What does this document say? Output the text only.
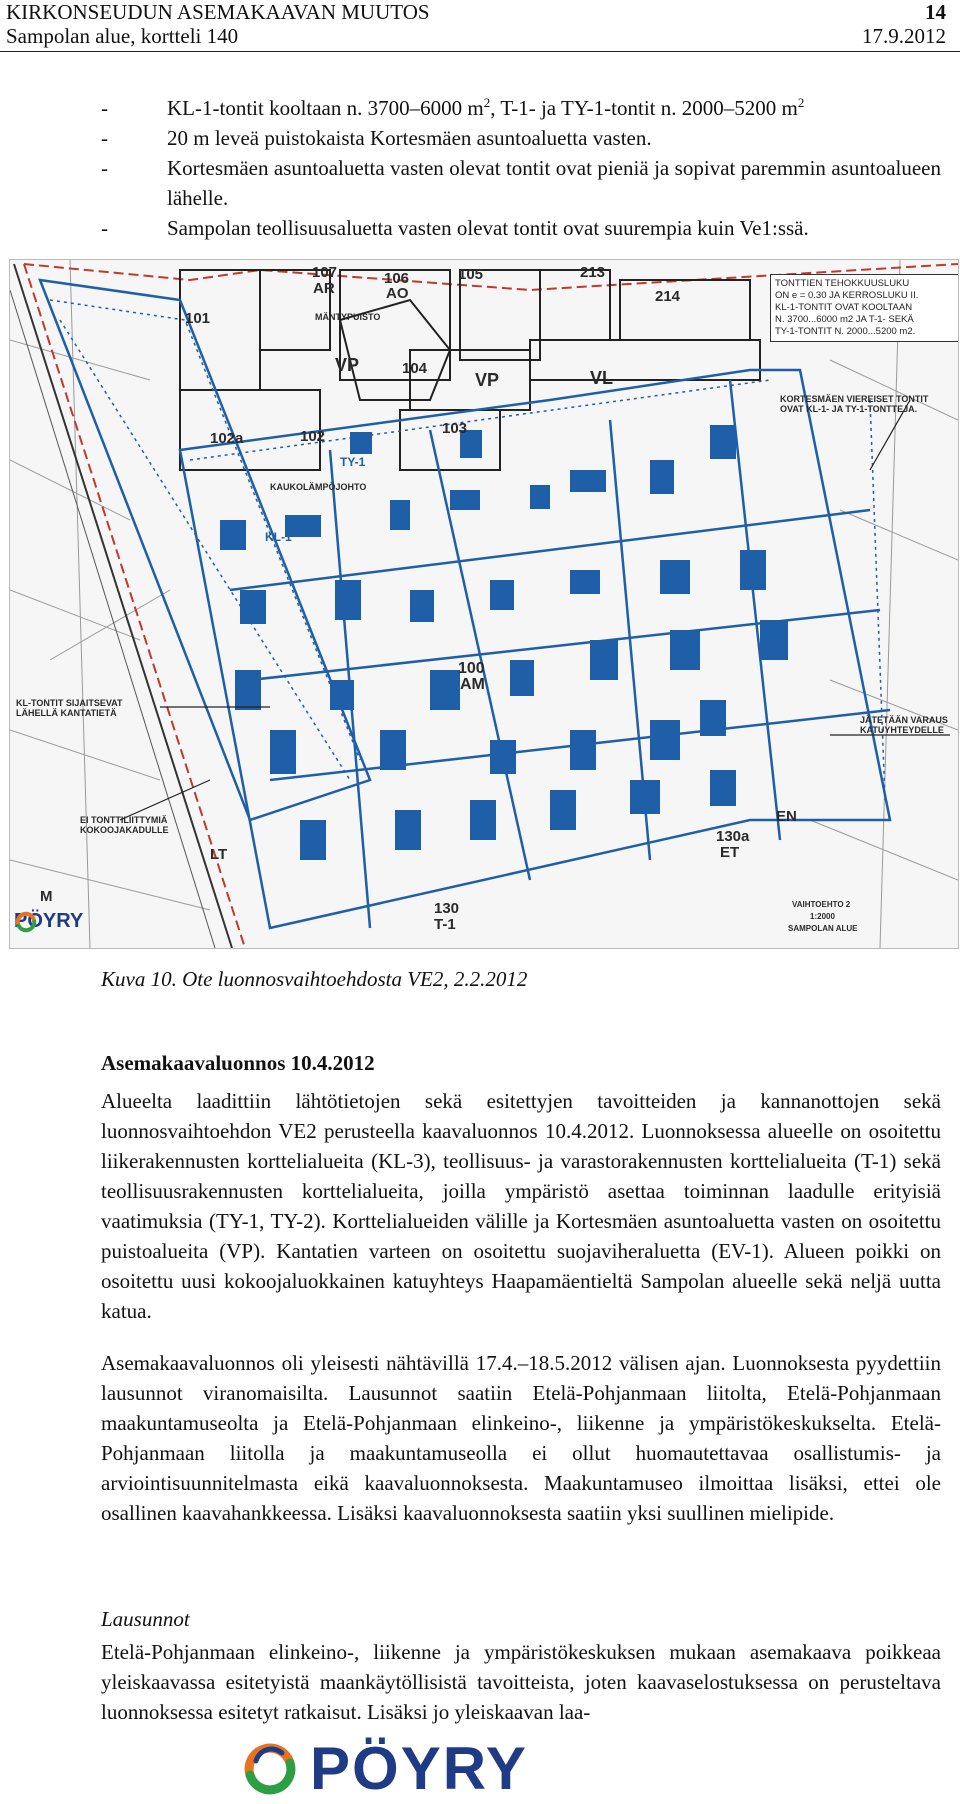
KIRKONSEUDUN ASEMAKAAVAN MUUTOS	14
Sampolan alue, kortteli 140	17.9.2012
-	KL-1-tontit kooltaan n. 3700–6000 $m^2$, T-1- ja TY-1-tontit n. 2000–5200 $m^2$
-	20 m leveä puistokaista Kortesmäen asuntoaluetta vasten.
-	Kortesmäen asuntoaluetta vasten olevat tontit ovat pieniä ja sopivat paremmin asuntoalueen lähelle.
-	Sampolan teollisuusaluetta vasten olevat tontit ovat suurempia kuin Ve1:ssä.
107
AR
106
AO
105	213
214
101	MÄNTYPUISTO
VP	104
VP	VL
102a	102	103
KAUKOLÄMPÖJOHTO
KORTESMÄEN VIEREISET TONTIT OVAT KL-1- JA TY-1-TONTTEJA.
100
AM
KL-TONTIT SIJAITSEVAT LÄHELLÄ KANTATIETÄ
JÄTETÄÄN VARAUS KATUYHTEYDELLE
EI TONTTILIITTYMIÄ KOKOOJAKADULLE
LT
M
EN
130a
ET
130
T-1
KL-1
TY-1
VAIHTOEHTO 2
1:2000
SAMPOLAN ALUE
TONTTIEN TEHOKKUUSLUKU
ON e = 0.30 JA KERROSLUKU II.
KL-1-TONTIT OVAT KOOLTAAN
N. 3700...6000 m2 JA T-1- SEKÄ
TY-1-TONTIT N. 2000...5200 m2.
PÖYRY
Kuva 10. Ote luonnosvaihtoehdosta VE2, 2.2.2012
Asemakaavaluonnos 10.4.2012
Alueelta laadittiin lähtötietojen sekä esitettyjen tavoitteiden ja kannanottojen sekä luonnosvaihtoehdon VE2 perusteella kaavaluonnos 10.4.2012. Luonnoksessa alueelle on osoitettu liikerakennusten korttelialueita (KL-3), teollisuus- ja varastorakennusten korttelialueita (T-1) sekä teollisuusrakennusten korttelialueita, joilla ympäristö asettaa toiminnan laadulle erityisiä vaatimuksia (TY-1, TY-2). Korttelialueiden välille ja Kortesmäen asuntoaluetta vasten on osoitettu puistoalueita (VP). Kantatien varteen on osoitettu suojaviheraluetta (EV-1). Alueen poikki on osoitettu uusi kokoojaluokkainen katuyhteys Haapamäentieltä Sampolan alueelle sekä neljä uutta katua.
Asemakaavaluonnos oli yleisesti nähtävillä 17.4.–18.5.2012 välisen ajan. Luonnoksesta pyydettiin lausunnot viranomaisilta. Lausunnot saatiin Etelä-Pohjanmaan liitolta, Etelä-Pohjanmaan maakuntamuseolta ja Etelä-Pohjanmaan elinkeino-, liikenne ja ympäristökeskukselta. Etelä-Pohjanmaan liitolla ja maakuntamuseolla ei ollut huomautettavaa osallistumis- ja arviointisuunnitelmasta eikä kaavaluonnoksesta. Maakuntamuseo ilmoittaa lisäksi, ettei ole osallinen kaavahankkeessa. Lisäksi kaavaluonnoksesta saatiin yksi suullinen mielipide.
Lausunnot
Etelä-Pohjanmaan elinkeino-, liikenne ja ympäristökeskuksen mukaan asemakaava poikkeaa yleiskaavassa esitetyistä maankäytöllisistä tavoitteista, joten kaavaselostuksessa on perusteltava luonnoksessa esitetyt ratkaisut. Lisäksi jo yleiskaavan laa-
PÖYRY
